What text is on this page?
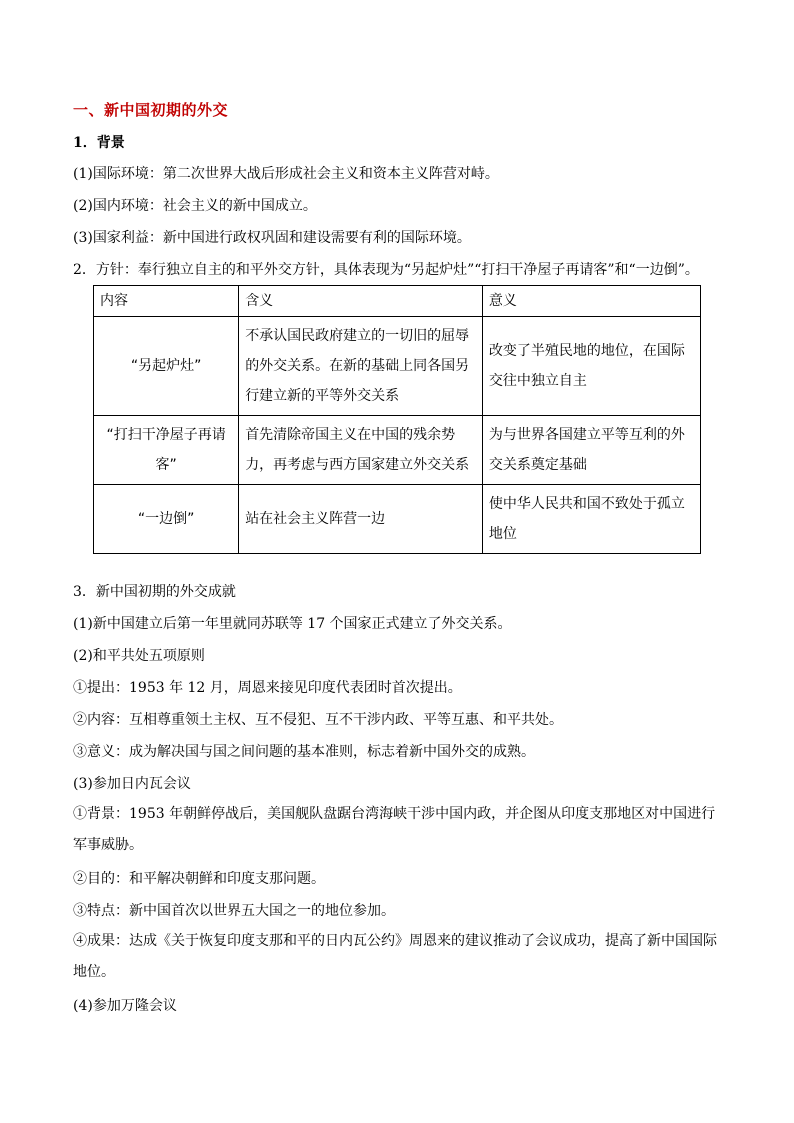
一、新中国初期的外交
1．背景
(1)国际环境：第二次世界大战后形成社会主义和资本主义阵营对峙。
(2)国内环境：社会主义的新中国成立。
(3)国家利益：新中国进行政权巩固和建设需要有利的国际环境。
2．方针：奉行独立自主的和平外交方针，具体表现为“另起炉灶”“打扫干净屋子再请客”和“一边倒”。
内容	含义	意义
“另起炉灶”	不承认国民政府建立的一切旧的屈辱的外交关系。在新的基础上同各国另行建立新的平等外交关系	改变了半殖民地的地位，在国际交往中独立自主
“打扫干净屋子再请客”	首先清除帝国主义在中国的残余势力，再考虑与西方国家建立外交关系	为与世界各国建立平等互利的外交关系奠定基础
“一边倒”	站在社会主义阵营一边	使中华人民共和国不致处于孤立地位
3．新中国初期的外交成就
(1)新中国建立后第一年里就同苏联等 17 个国家正式建立了外交关系。
(2)和平共处五项原则
①提出：1953 年 12 月，周恩来接见印度代表团时首次提出。
②内容：互相尊重领土主权、互不侵犯、互不干涉内政、平等互惠、和平共处。
③意义：成为解决国与国之间问题的基本准则，标志着新中国外交的成熟。
(3)参加日内瓦会议
①背景：1953 年朝鲜停战后，美国舰队盘踞台湾海峡干涉中国内政，并企图从印度支那地区对中国进行军事威胁。
②目的：和平解决朝鲜和印度支那问题。
③特点：新中国首次以世界五大国之一的地位参加。
④成果：达成《关于恢复印度支那和平的日内瓦公约》周恩来的建议推动了会议成功，提高了新中国国际地位。
(4)参加万隆会议
